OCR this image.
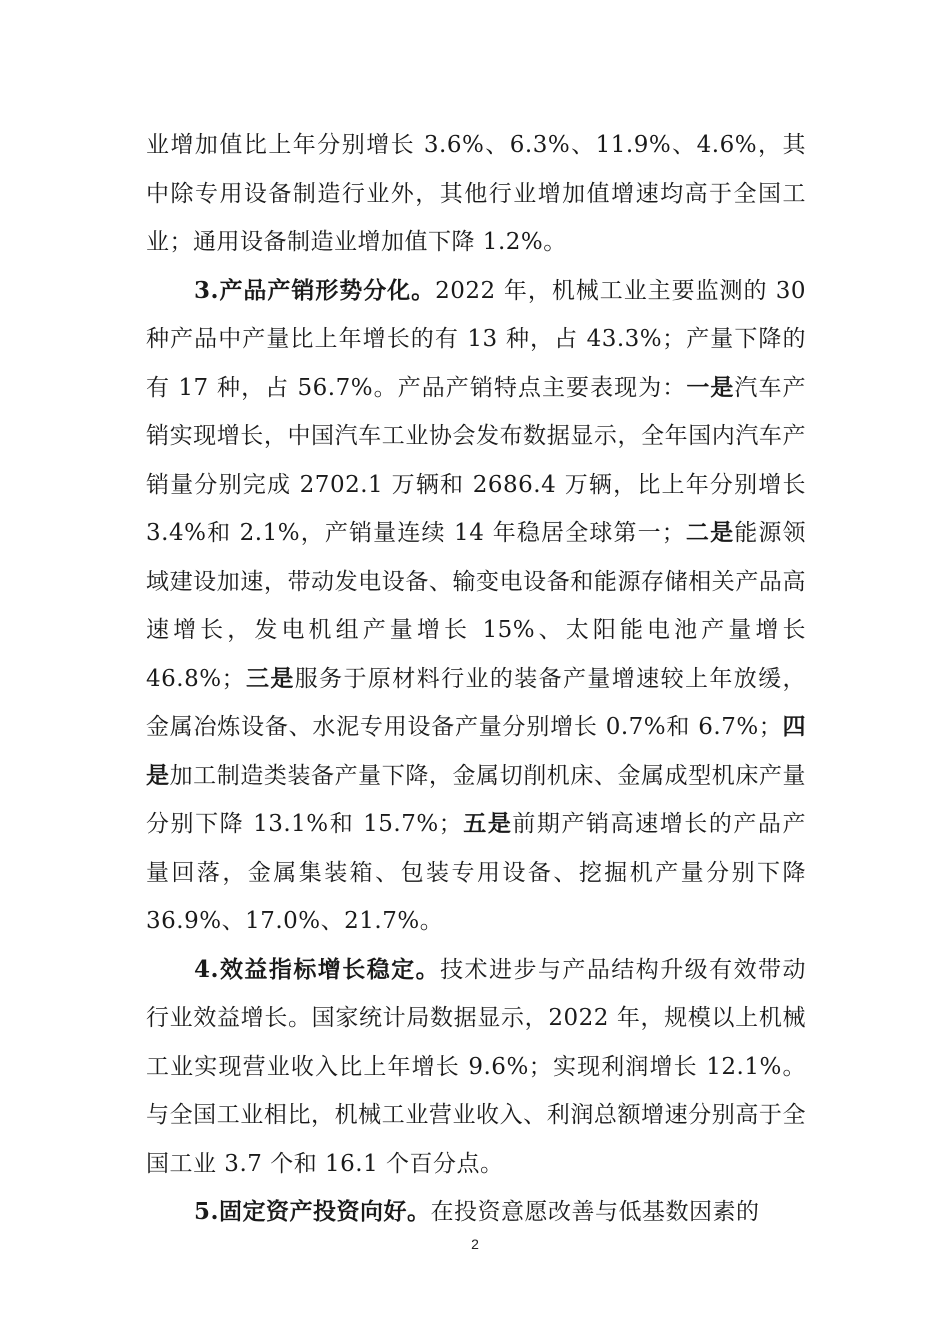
业增加值比上年分别增长 3.6%、6.3%、11.9%、4.6%，其中除专用设备制造行业外，其他行业增加值增速均高于全国工业；通用设备制造业增加值下降 1.2%。

3.产品产销形势分化。2022 年，机械工业主要监测的 30 种产品中产量比上年增长的有 13 种，占 43.3%；产量下降的有 17 种，占 56.7%。产品产销特点主要表现为：一是汽车产销实现增长，中国汽车工业协会发布数据显示，全年国内汽车产销量分别完成 2702.1 万辆和 2686.4 万辆，比上年分别增长 3.4%和 2.1%，产销量连续 14 年稳居全球第一；二是能源领域建设加速，带动发电设备、输变电设备和能源存储相关产品高速增长，发电机组产量增长 15%、太阳能电池产量增长 46.8%；三是服务于原材料行业的装备产量增速较上年放缓，金属冶炼设备、水泥专用设备产量分别增长 0.7%和 6.7%；四是加工制造类装备产量下降，金属切削机床、金属成型机床产量分别下降 13.1%和 15.7%；五是前期产销高速增长的产品产量回落，金属集装箱、包装专用设备、挖掘机产量分别下降 36.9%、17.0%、21.7%。

4.效益指标增长稳定。技术进步与产品结构升级有效带动行业效益增长。国家统计局数据显示，2022 年，规模以上机械工业实现营业收入比上年增长 9.6%；实现利润增长 12.1%。与全国工业相比，机械工业营业收入、利润总额增速分别高于全国工业 3.7 个和 16.1 个百分点。

5.固定资产投资向好。在投资意愿改善与低基数因素的

2
